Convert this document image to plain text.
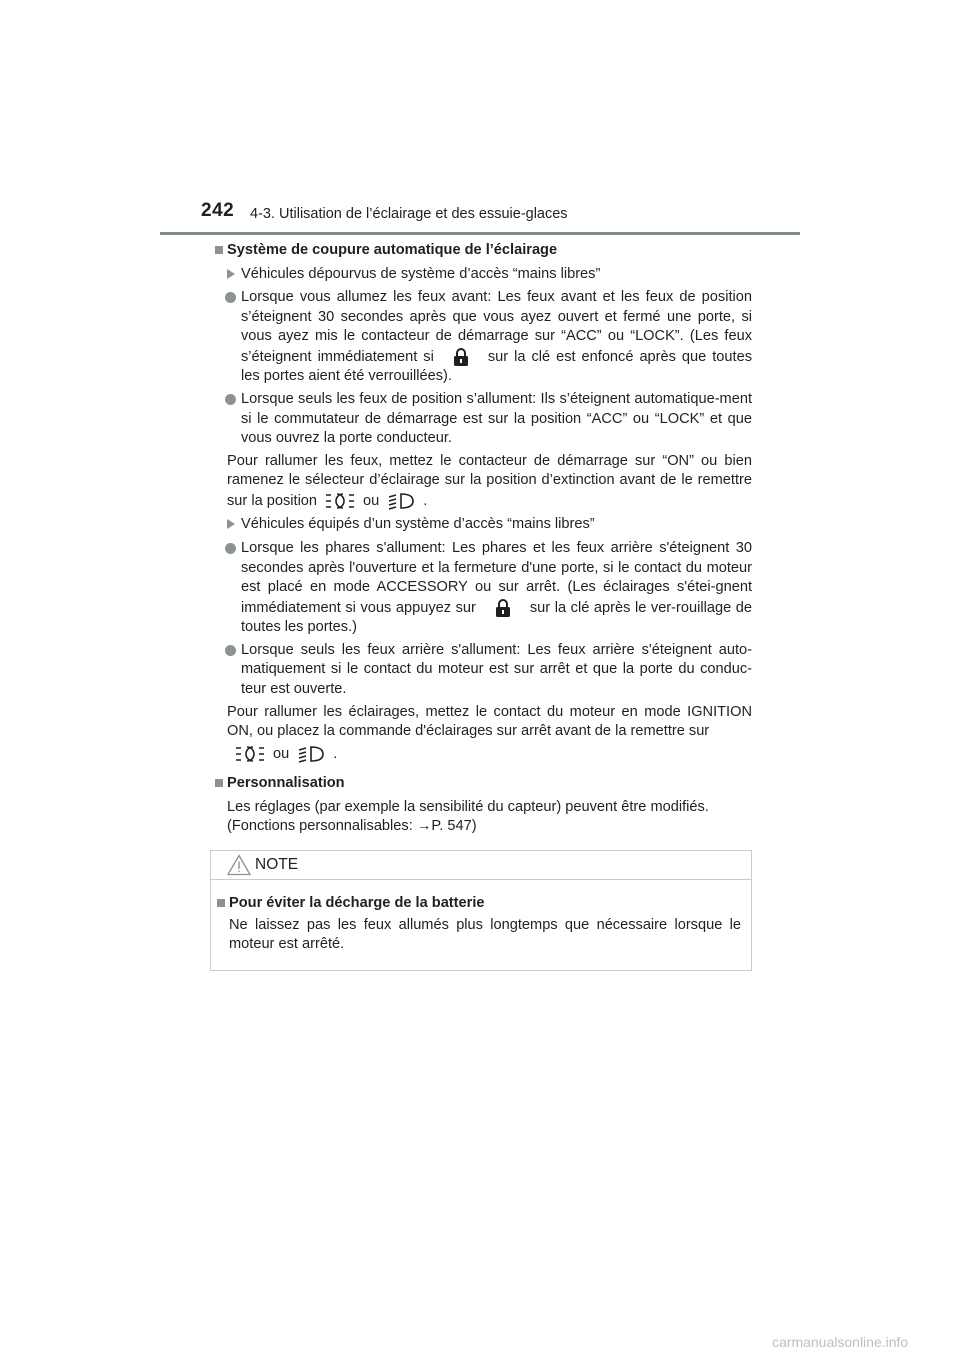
242 4-3. Utilisation de l’éclairage et des essuie-glaces
Système de coupure automatique de l’éclairage
Véhicules dépourvus de système d’accès “mains libres”
Lorsque vous allumez les feux avant: Les feux avant et les feux de position s’éteignent 30 secondes après que vous ayez ouvert et fermé une porte, si vous ayez mis le contacteur de démarrage sur “ACC” ou “LOCK”. (Les feux s’éteignent immédiatement si	sur la clé est enfoncé après que toutes les portes aient été verrouillées).
Lorsque seuls les feux de position s’allument: Ils s’éteignent automatique-ment si le commutateur de démarrage est sur la position “ACC” ou “LOCK” et que vous ouvrez la porte conducteur.
Pour rallumer les feux, mettez le contacteur de démarrage sur “ON” ou bien ramenez le sélecteur d’éclairage sur la position d’extinction avant de le remettre sur la position	ou	.
Véhicules équipés d’un système d’accès “mains libres”
Lorsque les phares s'allument: Les phares et les feux arrière s'éteignent 30 secondes après l'ouverture et la fermeture d'une porte, si le contact du moteur est placé en mode ACCESSORY ou sur arrêt. (Les éclairages s'étei-gnent immédiatement si vous appuyez sur	sur la clé après le ver-rouillage de toutes les portes.)
Lorsque seuls les feux arrière s'allument: Les feux arrière s'éteignent auto-matiquement si le contact du moteur est sur arrêt et que la porte du conduc-teur est ouverte.
Pour rallumer les éclairages, mettez le contact du moteur en mode IGNITION ON, ou placez la commande d'éclairages sur arrêt avant de la remettre sur
ou	.
Personnalisation
Les réglages (par exemple la sensibilité du capteur) peuvent être modifiés.
(Fonctions personnalisables: →P. 547)
NOTE
Pour éviter la décharge de la batterie
Ne laissez pas les feux allumés plus longtemps que nécessaire lorsque le moteur est arrêté.
carmanualsonline.info
